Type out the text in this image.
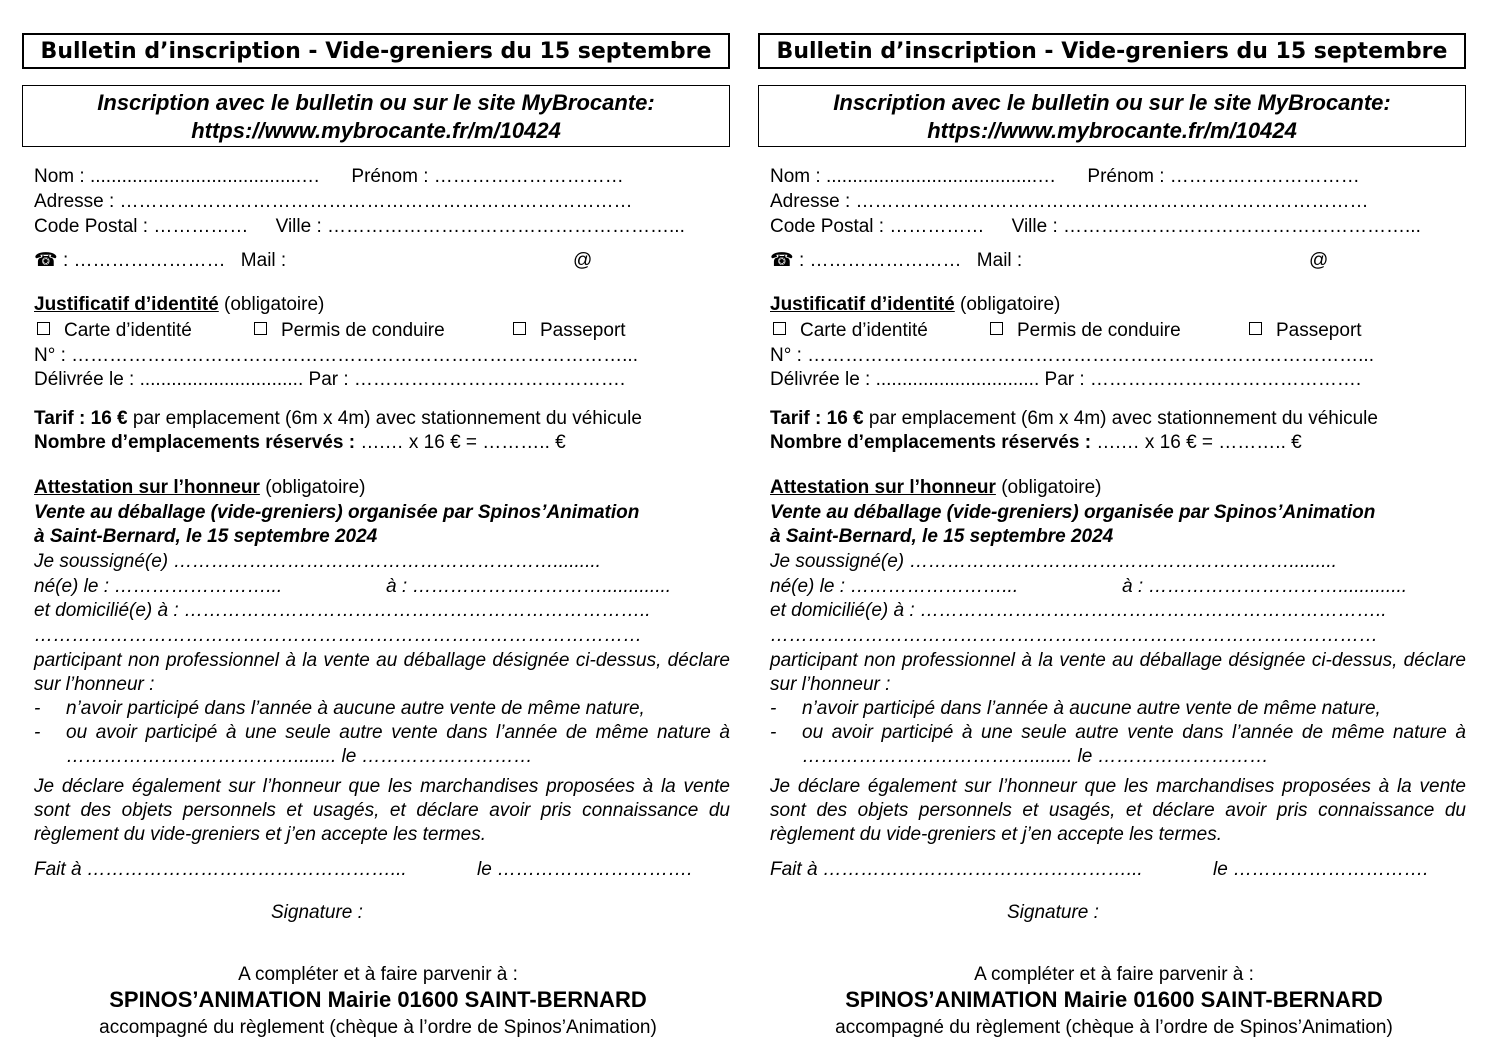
Bulletin d’inscription - Vide-greniers du 15 septembre
Inscription avec le bulletin ou sur le site MyBrocante:
https://www.mybrocante.fr/m/10424
Nom : ........................................… Prénom : …………………………
Adresse : ………………………………………………………………………
Code Postal : …………… Ville : ………………………………………………...
☎ : …………………… Mail :	@
Justificatif d’identité (obligatoire)
Carte d’identité	Permis de conduire	Passeport
N° : ……………………………………………………………………………...
Délivrée le : ............................... Par : …………………………………….
Tarif : 16 € par emplacement (6m x 4m) avec stationnement du véhicule
Nombre d’emplacements réservés : ….… x 16 € = ……….. €
Attestation sur l’honneur (obligatoire)
Vente au déballage (vide-greniers) organisée par Spinos’Animation
à Saint-Bernard, le 15 septembre 2024
Je soussigné(e) …………………………………………………….........
né(e) le : ……………………...	à : ………………………….............
et domicilié(e) à : ………………………………………………………………..
……………………………………………………………………………………
participant non professionnel à la vente au déballage désignée ci-dessus, déclare sur l’honneur :
- n’avoir participé dans l’année à aucune autre vente de même nature,
-	ou avoir participé à une seule autre vente dans l’année de même nature à ………………………………........ le ………………………
Je déclare également sur l’honneur que les marchandises proposées à la vente sont des objets personnels et usagés, et déclare avoir pris connaissance du règlement du vide-greniers et j’en accepte les termes.
Fait à …………………………………………...	le ………………………….
Signature :
A compléter et à faire parvenir à :
SPINOS’ANIMATION Mairie 01600 SAINT-BERNARD
accompagné du règlement (chèque à l’ordre de Spinos’Animation)
Bulletin d’inscription - Vide-greniers du 15 septembre
Inscription avec le bulletin ou sur le site MyBrocante:
https://www.mybrocante.fr/m/10424
Nom : ........................................… Prénom : …………………………
Adresse : ………………………………………………………………………
Code Postal : …………… Ville : ………………………………………………...
☎ : …………………… Mail :	@
Justificatif d’identité (obligatoire)
Carte d’identité	Permis de conduire	Passeport
N° : ……………………………………………………………………………...
Délivrée le : ............................... Par : …………………………………….
Tarif : 16 € par emplacement (6m x 4m) avec stationnement du véhicule
Nombre d’emplacements réservés : ….… x 16 € = ……….. €
Attestation sur l’honneur (obligatoire)
Vente au déballage (vide-greniers) organisée par Spinos’Animation
à Saint-Bernard, le 15 septembre 2024
Je soussigné(e) …………………………………………………….........
né(e) le : ……………………...	à : ………………………….............
et domicilié(e) à : ………………………………………………………………..
……………………………………………………………………………………
participant non professionnel à la vente au déballage désignée ci-dessus, déclare sur l’honneur :
- n’avoir participé dans l’année à aucune autre vente de même nature,
-	ou avoir participé à une seule autre vente dans l’année de même nature à ………………………………........ le ………………………
Je déclare également sur l’honneur que les marchandises proposées à la vente sont des objets personnels et usagés, et déclare avoir pris connaissance du règlement du vide-greniers et j’en accepte les termes.
Fait à …………………………………………...	le ………………………….
Signature :
A compléter et à faire parvenir à :
SPINOS’ANIMATION Mairie 01600 SAINT-BERNARD
accompagné du règlement (chèque à l’ordre de Spinos’Animation)
